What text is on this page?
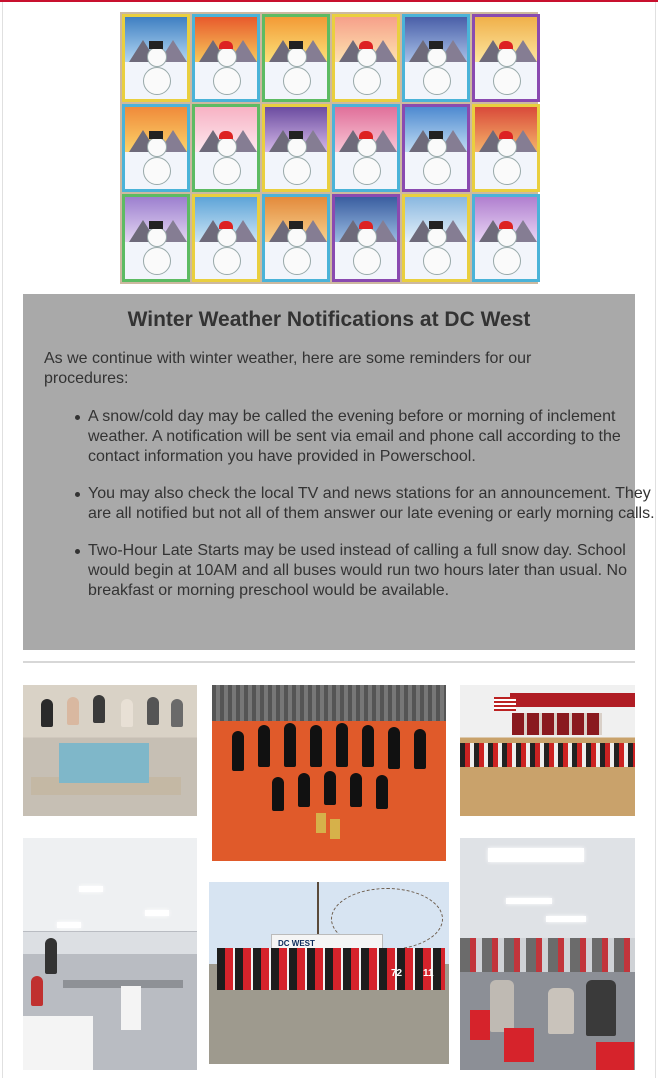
Winter Weather Notifications at DC West

As we continue with winter weather, here are some reminders for our procedures:

A snow/cold day may be called the evening before or morning of inclement weather. A notification will be sent via email and phone call according to the contact information you have provided in Powerschool.
You may also check the local TV and news stations for an announcement. They are all notified but not all of them answer our late evening or early morning calls.
Two-Hour Late Starts may be used instead of calling a full snow day. School would begin at 10AM and all buses would run two hours later than usual. No breakfast or morning preschool would be available.
DC WEST
72 11
